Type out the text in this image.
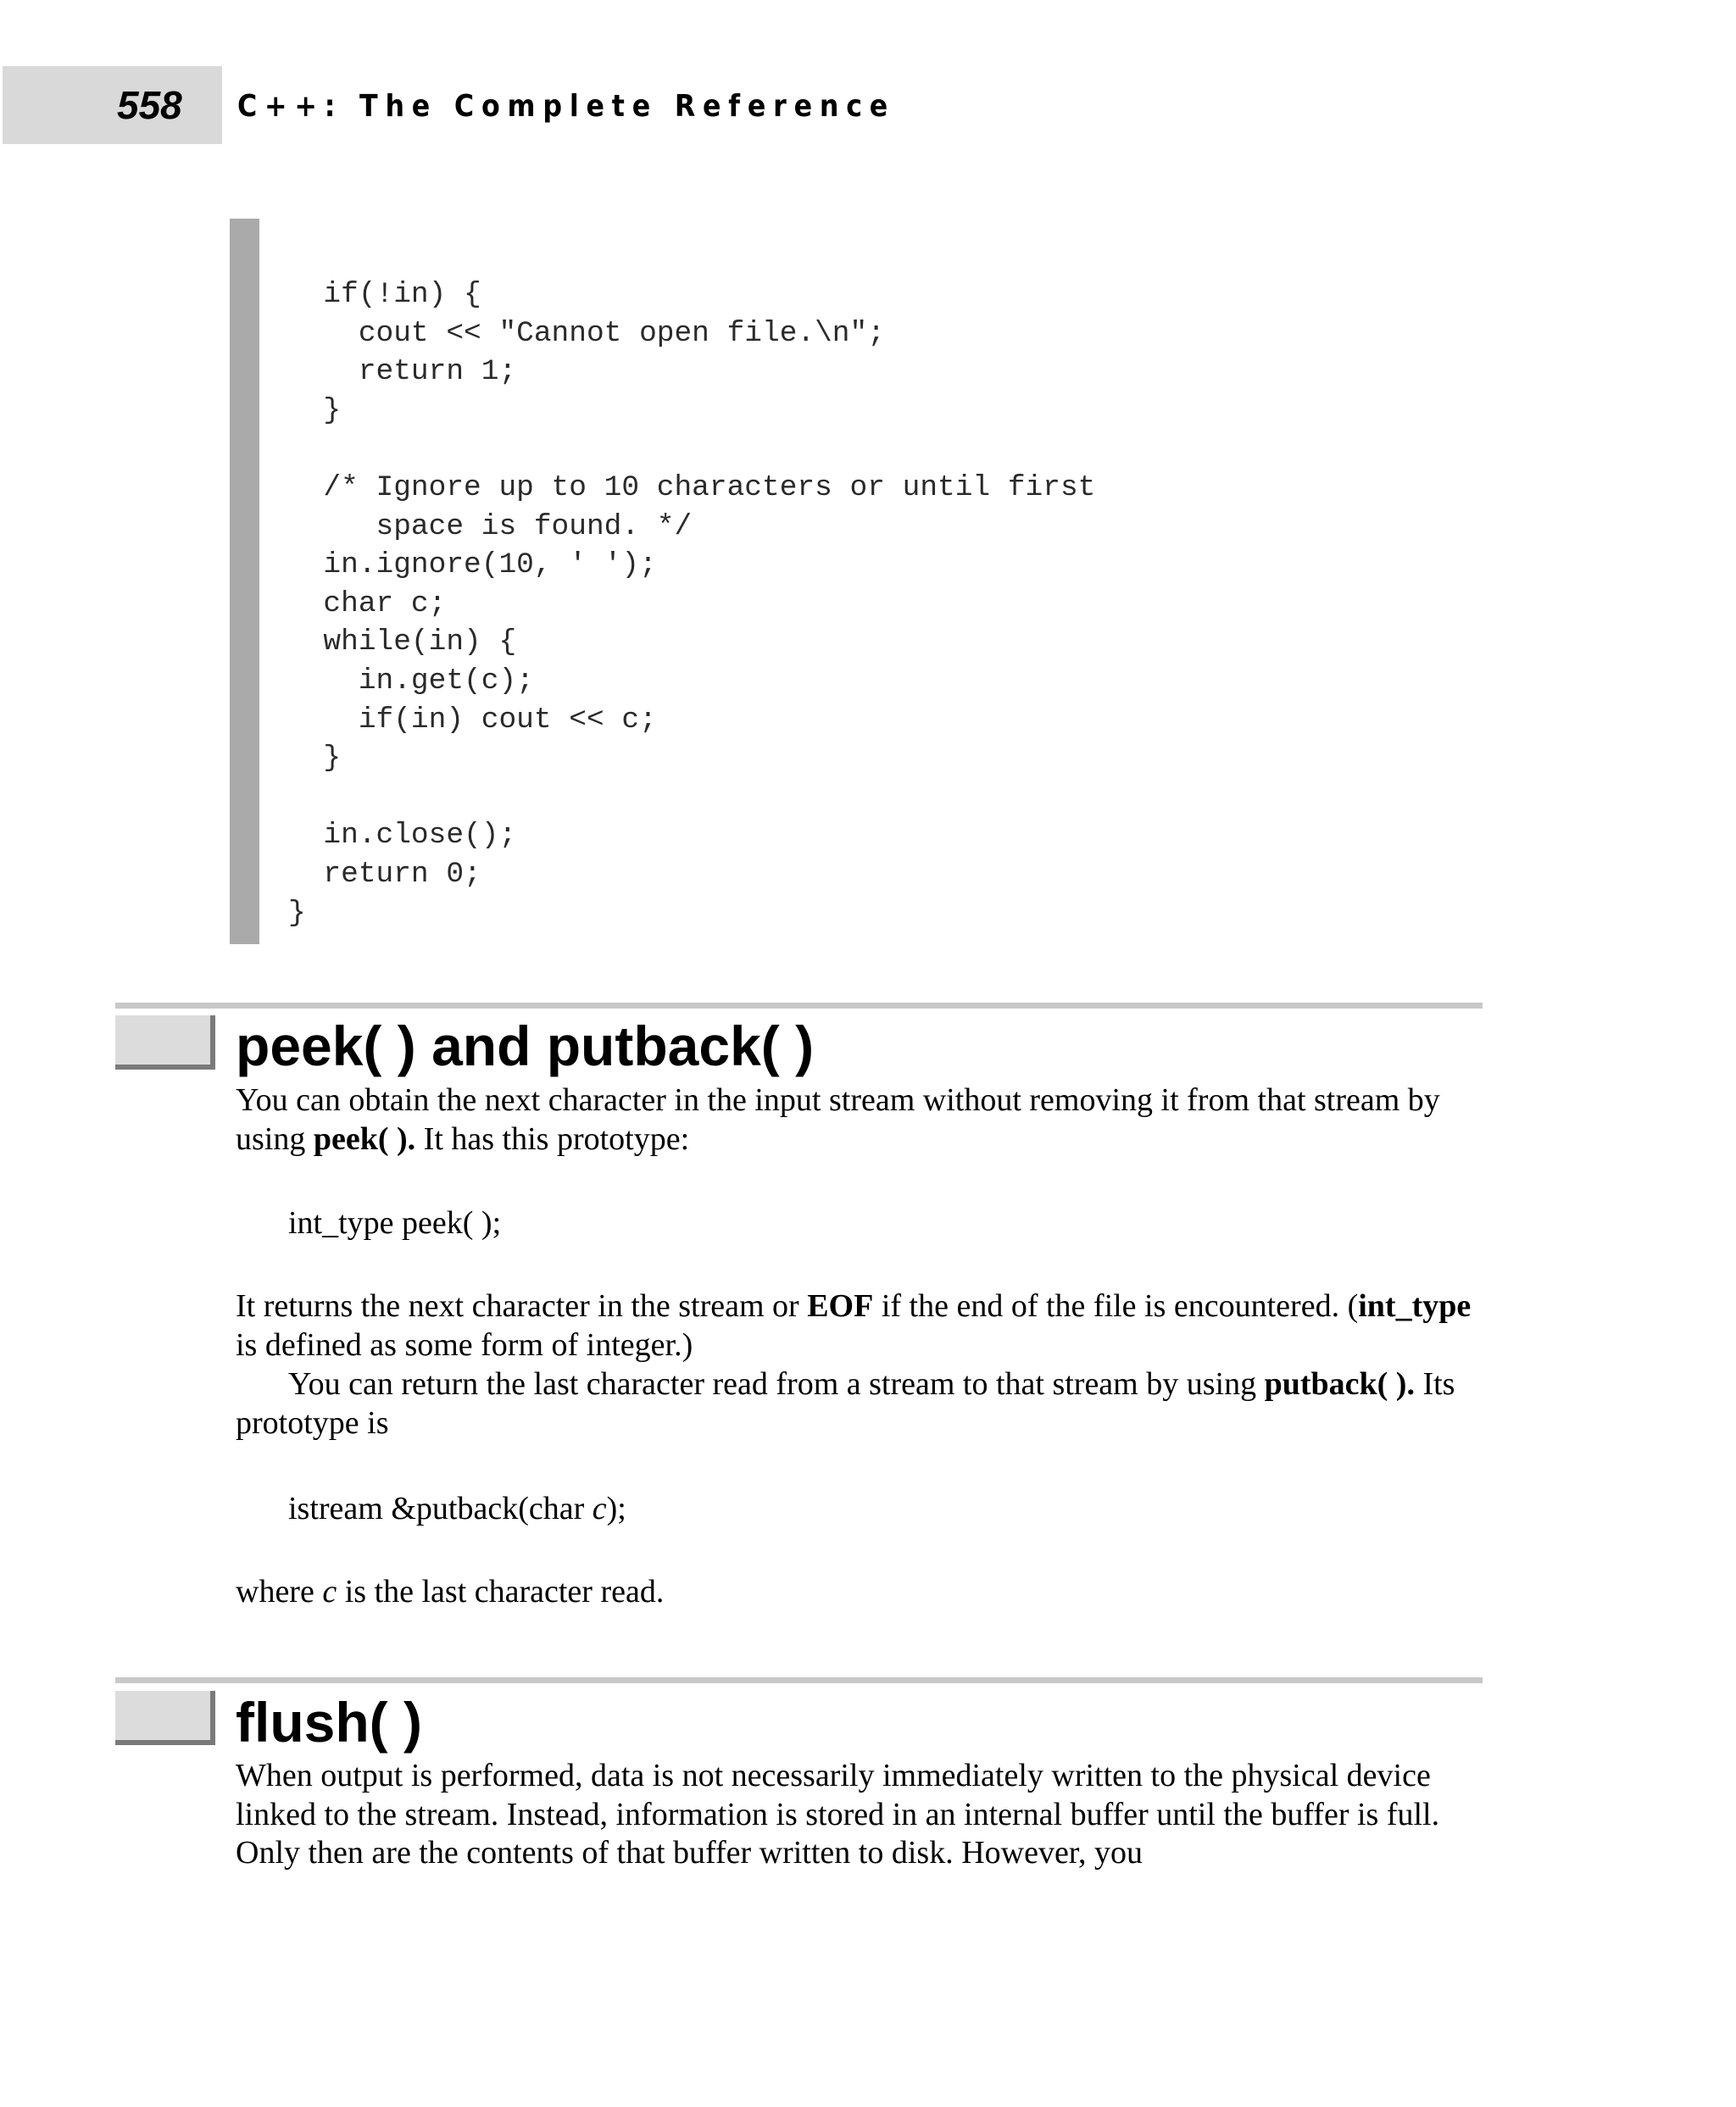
558 C++: The Complete Reference
if(!in) {
cout << "Cannot open file.\n";
return 1;
}

/* Ignore up to 10 characters or until first
space is found. */
in.ignore(10, ' ');
char c;
while(in) {
in.get(c);
if(in) cout << c;
}

in.close();
return 0;
}
peek( ) and putback( )

You can obtain the next character in the input stream without removing it from that stream by using peek( ). It has this prototype:

int_type peek( );

It returns the next character in the stream or EOF if the end of the file is encountered. (int_type is defined as some form of integer.)

You can return the last character read from a stream to that stream by using putback( ). Its prototype is

istream &putback(char c);

where c is the last character read.

flush( )

When output is performed, data is not necessarily immediately written to the physical device linked to the stream. Instead, information is stored in an internal buffer until the buffer is full. Only then are the contents of that buffer written to disk. However, you
